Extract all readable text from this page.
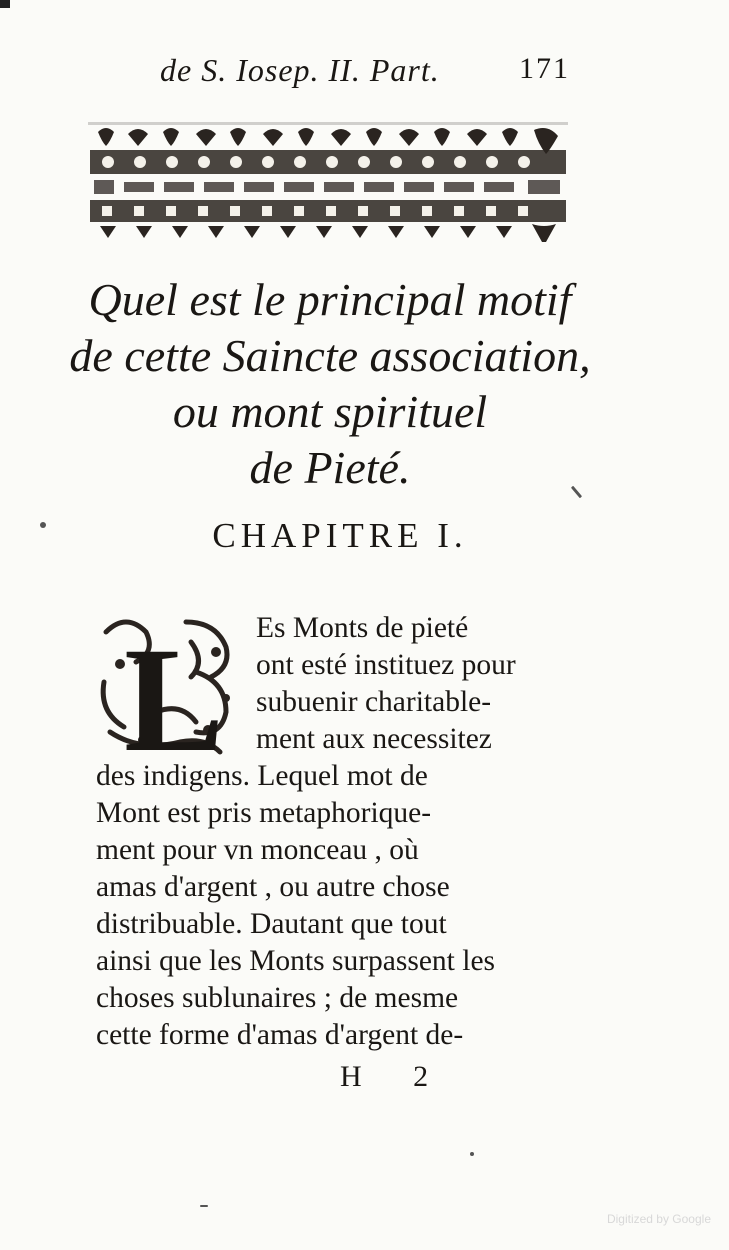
de S. Iosep. II. Part.	171
Quel est le principal motif
de cette Saincte association,
ou mont spirituel
de Pieté.
CHAPITRE I.
L	Es Monts de pieté
ont esté instituez pour
subuenir charitable-
ment aux necessitez
des indigens. Lequel mot de
Mont est pris metaphorique-
ment pour vn monceau , où
amas d'argent , ou autre chose
distribuable. Dautant que tout
ainsi que les Monts surpassent les
choses sublunaires ; de mesme
cette forme d'amas d'argent de-
H 2
Digitized by Google
